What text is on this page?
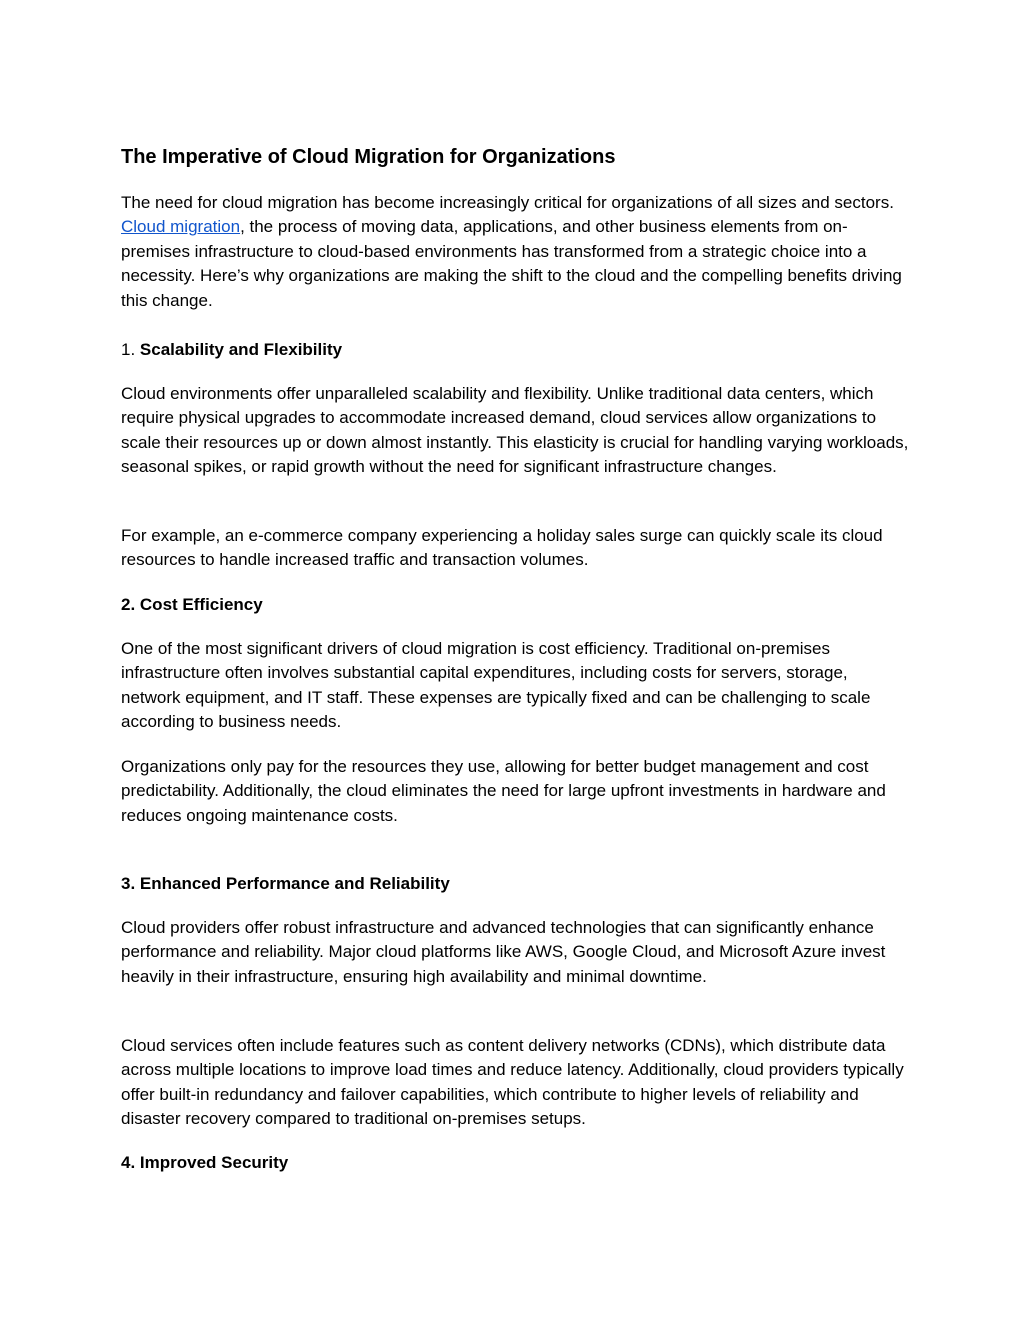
The Imperative of Cloud Migration for Organizations

The need for cloud migration has become increasingly critical for organizations of all sizes and sectors. Cloud migration, the process of moving data, applications, and other business elements from on-premises infrastructure to cloud-based environments has transformed from a strategic choice into a necessity. Here’s why organizations are making the shift to the cloud and the compelling benefits driving this change.

1. Scalability and Flexibility

Cloud environments offer unparalleled scalability and flexibility. Unlike traditional data centers, which require physical upgrades to accommodate increased demand, cloud services allow organizations to scale their resources up or down almost instantly. This elasticity is crucial for handling varying workloads, seasonal spikes, or rapid growth without the need for significant infrastructure changes.

For example, an e-commerce company experiencing a holiday sales surge can quickly scale its cloud resources to handle increased traffic and transaction volumes.

2. Cost Efficiency

One of the most significant drivers of cloud migration is cost efficiency. Traditional on-premises infrastructure often involves substantial capital expenditures, including costs for servers, storage, network equipment, and IT staff. These expenses are typically fixed and can be challenging to scale according to business needs.

Organizations only pay for the resources they use, allowing for better budget management and cost predictability. Additionally, the cloud eliminates the need for large upfront investments in hardware and reduces ongoing maintenance costs.

3. Enhanced Performance and Reliability

Cloud providers offer robust infrastructure and advanced technologies that can significantly enhance performance and reliability. Major cloud platforms like AWS, Google Cloud, and Microsoft Azure invest heavily in their infrastructure, ensuring high availability and minimal downtime.

Cloud services often include features such as content delivery networks (CDNs), which distribute data across multiple locations to improve load times and reduce latency. Additionally, cloud providers typically offer built-in redundancy and failover capabilities, which contribute to higher levels of reliability and disaster recovery compared to traditional on-premises setups.

4. Improved Security
